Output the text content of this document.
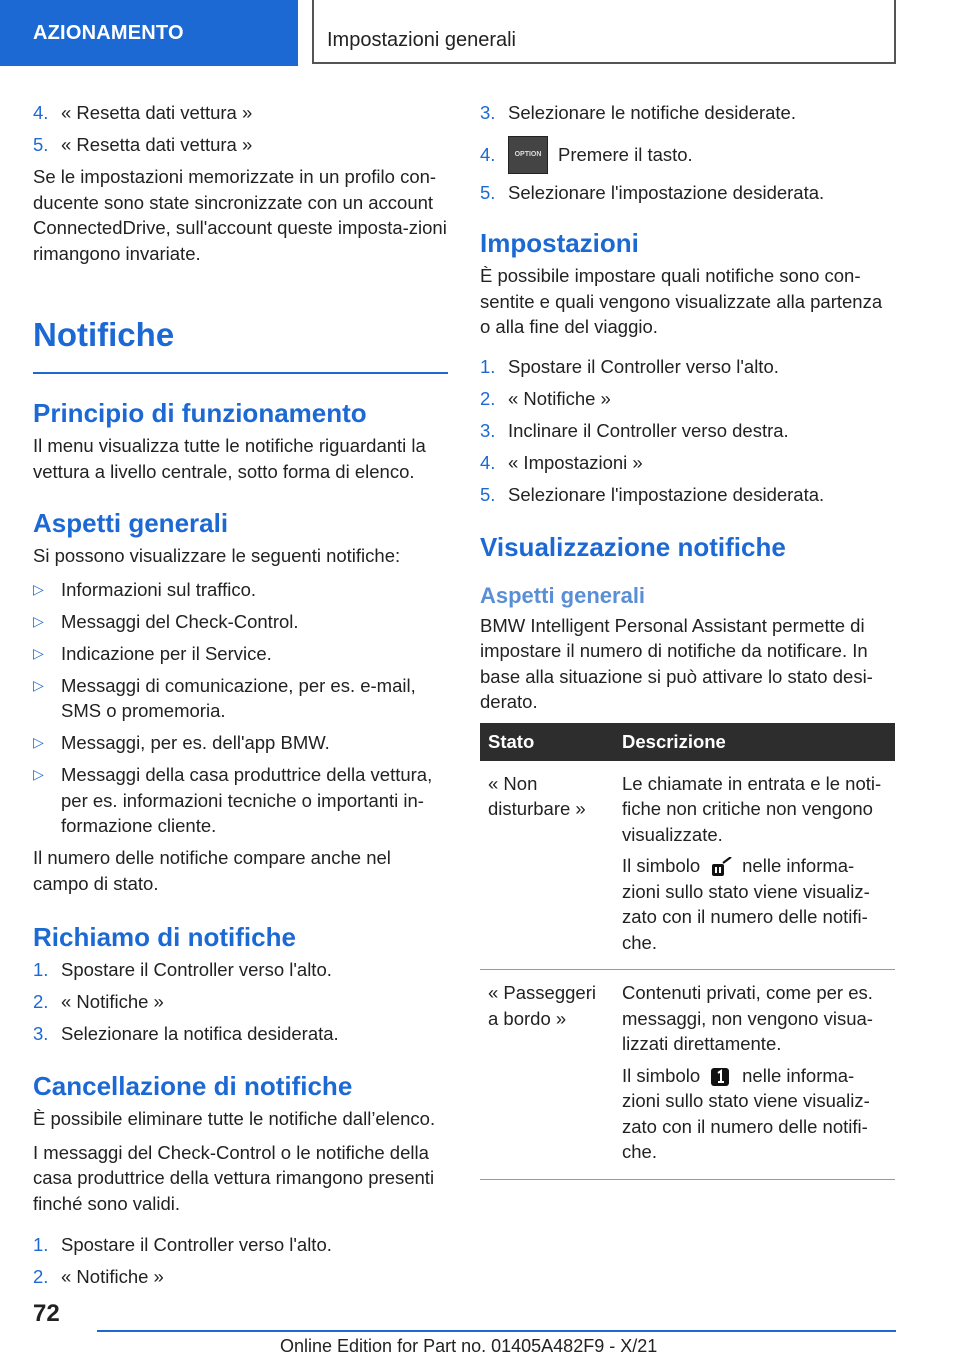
AZIONAMENTO	Impostazioni generali
4. « Resetta dati vettura »
5. « Resetta dati vettura »

Se le impostazioni memorizzate in un profilo con-ducente sono state sincronizzate con un account ConnectedDrive, sull'account queste imposta-zioni rimangono invariate.

Notifiche
Principio di funzionamento

Il menu visualizza tutte le notifiche riguardanti la vettura a livello centrale, sotto forma di elenco.

Aspetti generali

Si possono visualizzare le seguenti notifiche:

▷ Informazioni sul traffico.
▷ Messaggi del Check-Control.
▷ Indicazione per il Service.
▷ Messaggi di comunicazione, per es. e-mail, SMS o promemoria.
▷ Messaggi, per es. dell'app BMW.
▷ Messaggi della casa produttrice della vettura, per es. informazioni tecniche o importanti in-formazione cliente.

Il numero delle notifiche compare anche nel campo di stato.

Richiamo di notifiche
1. Spostare il Controller verso l'alto.
2. « Notifiche »
3. Selezionare la notifica desiderata.
Cancellazione di notifiche

È possibile eliminare tutte le notifiche dall’elenco.

I messaggi del Check-Control o le notifiche della casa produttrice della vettura rimangono presenti finché sono validi.

1. Spostare il Controller verso l'alto.
2. « Notifiche »
3. Selezionare le notifiche desiderate.
4.	OPTION Premere il tasto.
5. Selezionare l'impostazione desiderata.
Impostazioni

È possibile impostare quali notifiche sono con-sentite e quali vengono visualizzate alla partenza o alla fine del viaggio.

1. Spostare il Controller verso l'alto.
2. « Notifiche »
3. Inclinare il Controller verso destra.
4. « Impostazioni »
5. Selezionare l'impostazione desiderata.
Visualizzazione notifiche
Aspetti generali

BMW Intelligent Personal Assistant permette di impostare il numero di notifiche da notificare. In base alla situazione si può attivare lo stato desi-derato.

Stato	Descrizione
« Non disturbare »	Le chiamate in entrata e le noti-fiche non critiche non vengono visualizzate.

Il simbolo nelle informa-zioni sullo stato viene visualiz-zato con il numero delle notifi-che.

« Passeggeri a bordo »	Contenuti privati, come per es. messaggi, non vengono visua-lizzati direttamente.

Il simbolo nelle informa-zioni sullo stato viene visualiz-zato con il numero delle notifi-che.

72
Online Edition for Part no. 01405A482F9 - X/21
